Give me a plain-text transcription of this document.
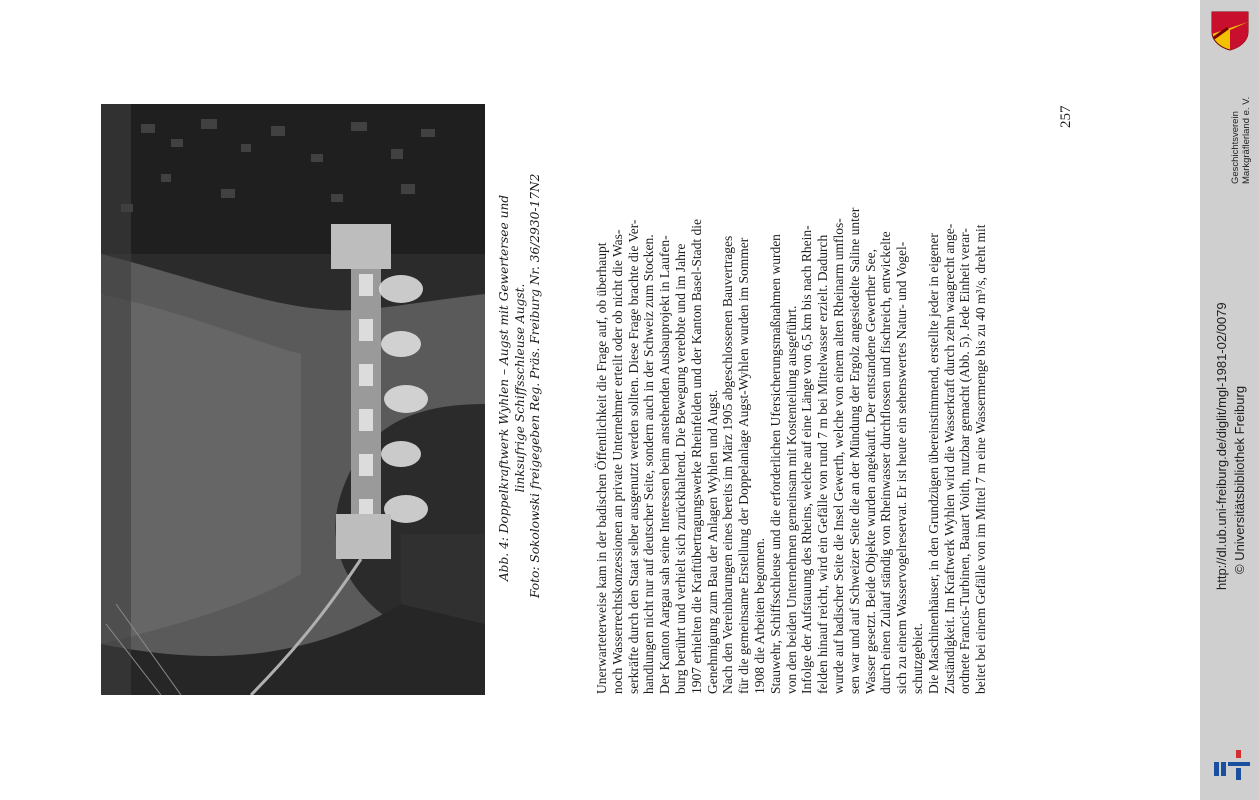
Abb. 4: Doppelkraftwerk Wyhlen – Augst mit Gewertersee und linksufrige Schiffsschleuse Augst. Foto: Sokolowski freigegeben Reg. Präs. Freiburg Nr. 36/2930-17N2	Unerwarteterweise kam in der badischen Öffentlichkeit die Frage auf, ob überhaupt noch Wasserrechtskonzessionen an private Unternehmer erteilt oder ob nicht die Was- serkräfte durch den Staat selber ausgenutzt werden sollten. Diese Frage brachte die Ver- handlungen nicht nur auf deutscher Seite, sondern auch in der Schweiz zum Stocken. Der Kanton Aargau sah seine Interessen beim anstehenden Ausbauprojekt in Laufen- burg berührt und verhielt sich zurückhaltend. Die Bewegung verebbte und im Jahre 1907 erhielten die Kraftübertragungswerke Rheinfelden und der Kanton Basel-Stadt die Genehmigung zum Bau der Anlagen Wyhlen und Augst. Nach den Vereinbarungen eines bereits im März 1905 abgeschlossenen Bauvertrages für die gemeinsame Erstellung der Doppelanlage Augst-Wyhlen wurden im Sommer 1908 die Arbeiten begonnen. Stauwehr, Schiffsschleuse und die erforderlichen Ufersicherungsmaßnahmen wurden von den beiden Unternehmen gemeinsam mit Kostenteilung ausgeführt. Infolge der Aufstauung des Rheins, welche auf eine Länge von 6,5 km bis nach Rhein- felden hinauf reicht, wird ein Gefälle von rund 7 m bei Mittelwasser erzielt. Dadurch wurde auf badischer Seite die Insel Gewerth, welche von einem alten Rheinarm umflos- sen war und auf Schweizer Seite die an der Mündung der Ergolz angesiedelte Saline unter Wasser gesetzt. Beide Objekte wurden angekauft. Der entstandene Gewerther See, durch einen Zulauf ständig von Rheinwasser durchflossen und fischreich, entwickelte sich zu einem Wasservogelreservat. Er ist heute ein sehenswertes Natur- und Vogel- schutzgebiet. Die Maschinenhäuser, in den Grundzügen übereinstimmend, erstellte jeder in eigener Zuständigkeit. Im Kraftwerk Wyhlen wird die Wasserkraft durch zehn waagrecht ange- ordnete Francis-Turbinen, Bauart Voith, nutzbar gemacht (Abb. 5). Jede Einheit verar- beitet bei einem Gefälle von im Mittel 7 m eine Wassermenge bis zu 40 m³/s, dreht mit
257
http://dl.ub.uni-freiburg.de/diglit/mgl-1981-02/0079 © Universitätsbibliothek Freiburg
Geschichtsverein Markgräflerland e. V.
